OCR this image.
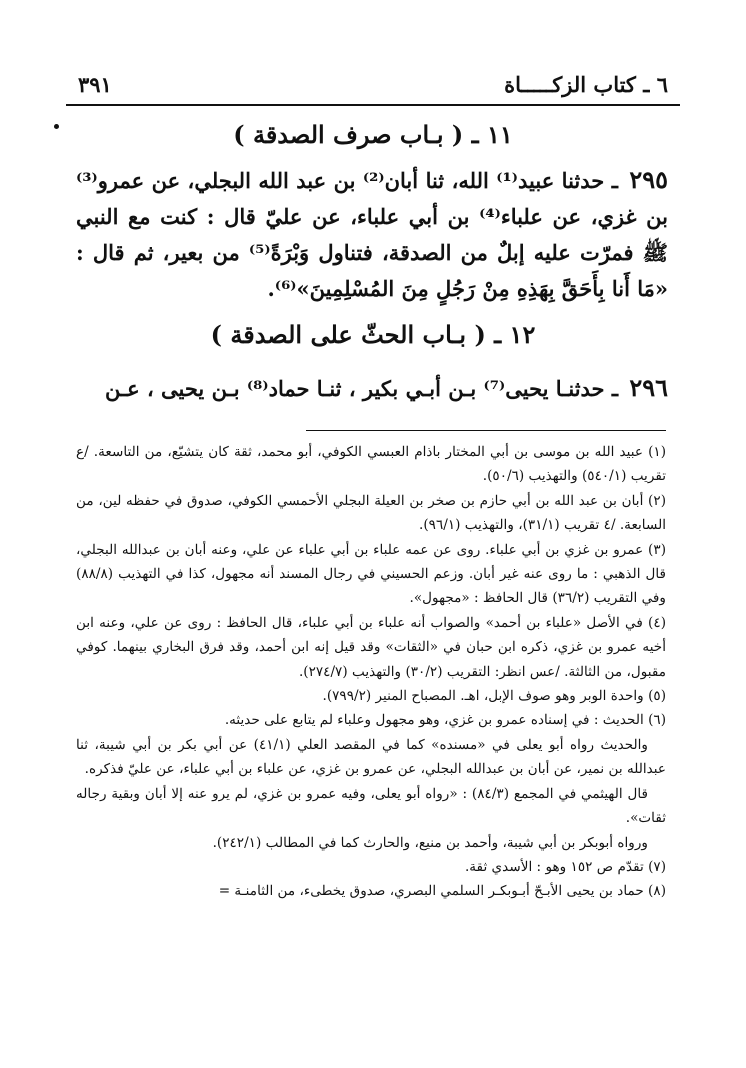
٦ ـ كتاب الزكـــــاة
٣٩١
١١ ـ ( بـاب صرف الصدقة )
٢٩٥ ـ حدثنا عبيد⁽¹⁾ الله، ثنا أبان⁽²⁾ بن عبد الله البجلي، عن عمرو⁽³⁾ بن غزي، عن علباء⁽⁴⁾ بن أبي علباء، عن عليّ قال : كنت مع النبي ﷺ فمرّت عليه إبلٌ من الصدقة، فتناول وَبْرَةً⁽⁵⁾ من بعير، ثم قال : «مَا أَنا بِأَحَقَّ بِهَذِهِ مِنْ رَجُلٍ مِنَ المُسْلِمِينَ»⁽⁶⁾.
١٢ ـ ( بـاب الحثّ على الصدقة )
٢٩٦ ـ حدثنـا يحيى⁽⁷⁾ بـن أبـي بكير ، ثنـا حماد⁽⁸⁾ بـن يحيى ، عـن

(١) عبيد الله بن موسى بن أبي المختار باذام العبسي الكوفي، أبو محمد، ثقة كان يتشيّع، من التاسعة. /ع تقريب (٥٤٠/١) والتهذيب (٥٠/٦).

(٢) أبان بن عبد الله بن أبي حازم بن صخر بن العيلة البجلي الأحمسي الكوفي، صدوق في حفظه لين، من السابعة. /٤ تقريب (٣١/١)، والتهذيب (٩٦/١).

(٣) عمرو بن غزي بن أبي علباء. روى عن عمه علباء بن أبي علباء عن علي، وعنه أبان بن عبدالله البجلي، قال الذهبي : ما روى عنه غير أبان. وزعم الحسيني في رجال المسند أنه مجهول، كذا في التهذيب (٨٨/٨) وفي التقريب (٣٦/٢) قال الحافظ : «مجهول».

(٤) في الأصل «علباء بن أحمد» والصواب أنه علباء بن أبي علباء، قال الحافظ : روى عن علي، وعنه ابن أخيه عمرو بن غزي، ذكره ابن حبان في «الثقات» وقد قيل إنه ابن أحمد، وقد فرق البخاري بينهما. كوفي مقبول، من الثالثة. /عس انظر: التقريب (٣٠/٢) والتهذيب (٢٧٤/٧).

(٥) واحدة الوبر وهو صوف الإبل، اهـ. المصباح المنير (٧٩٩/٢).

(٦) الحديث : في إسناده عمرو بن غزي، وهو مجهول وعلباء لم يتابع على حديثه.

والحديث رواه أبو يعلى في «مسنده» كما في المقصد العلي (٤١/١) عن أبي بكر بن أبي شيبة، ثنا عبدالله بن نمير، عن أبان بن عبدالله البجلي، عن عمرو بن غزي، عن علباء بن أبي علباء، عن عليّ فذكره.

قال الهيثمي في المجمع (٨٤/٣) : «رواه أبو يعلى، وفيه عمرو بن غزي، لم يرو عنه إلا أبان وبقية رجاله ثقات».

ورواه أبوبكر بن أبي شيبة، وأحمد بن منيع، والحارث كما في المطالب (٢٤٢/١).

(٧) تقدّم ص ١٥٢ وهو : الأسدي ثقة.

(٨) حماد بن يحيى الأبـحّ أبـوبكـر السلمي البصري، صدوق يخطىء، من الثامنـة =
